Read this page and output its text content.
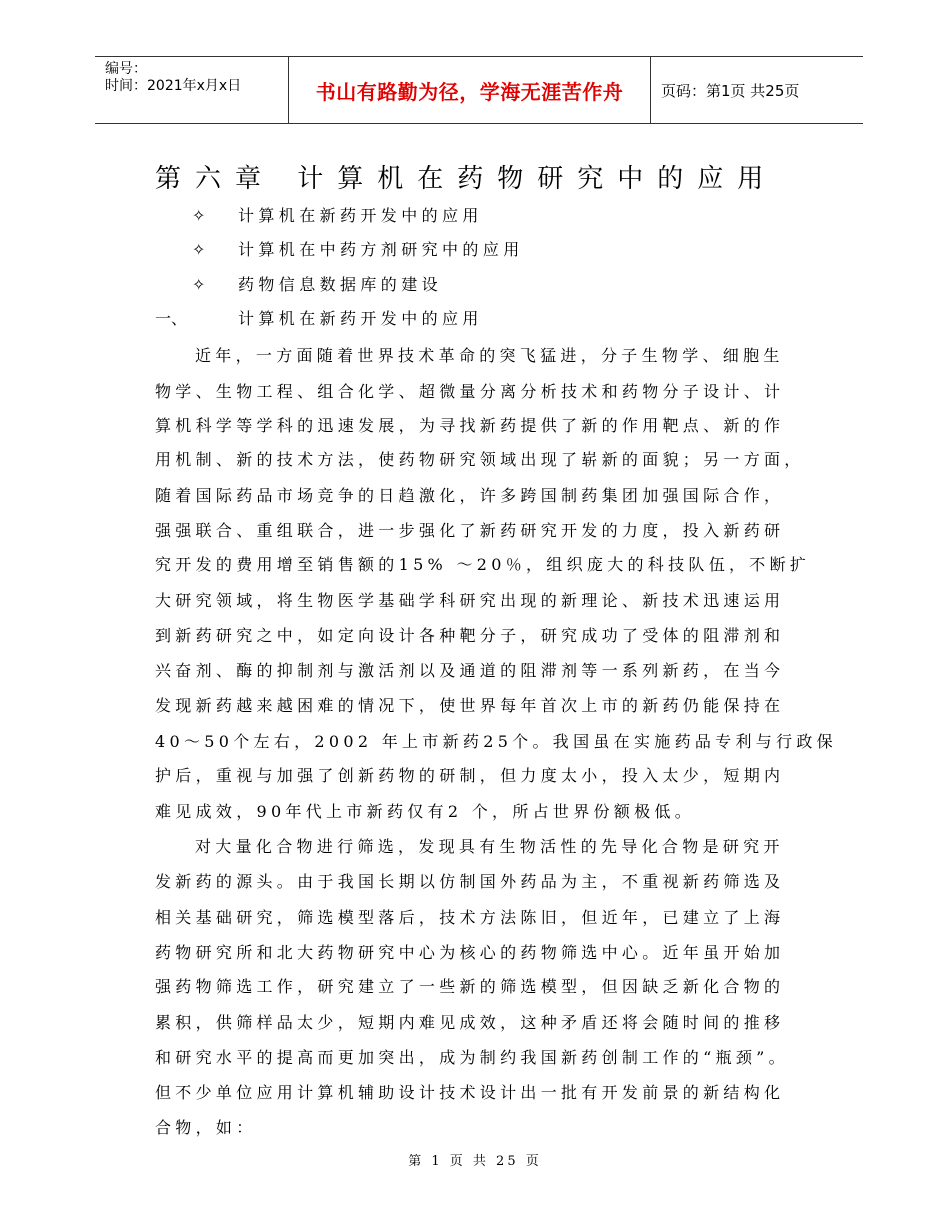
编号：
时间：2021年x月x日	书山有路勤为径，学海无涯苦作舟	页码：第1页 共25页
第六章 计算机在药物研究中的应用
✧ 计算机在新药开发中的应用
✧ 计算机在中药方剂研究中的应用
✧ 药物信息数据库的建设
一、	计算机在新药开发中的应用
近年，一方面随着世界技术革命的突飞猛进，分子生物学、细胞生
物学、生物工程、组合化学、超微量分离分析技术和药物分子设计、计
算机科学等学科的迅速发展，为寻找新药提供了新的作用靶点、新的作
用机制、新的技术方法，使药物研究领域出现了崭新的面貌；另一方面，
随着国际药品市场竞争的日趋激化，许多跨国制药集团加强国际合作，
强强联合、重组联合，进一步强化了新药研究开发的力度，投入新药研
究开发的费用增至销售额的15% ～20％，组织庞大的科技队伍，不断扩
大研究领域，将生物医学基础学科研究出现的新理论、新技术迅速运用
到新药研究之中，如定向设计各种靶分子，研究成功了受体的阻滞剂和
兴奋剂、酶的抑制剂与激活剂以及通道的阻滞剂等一系列新药，在当今
发现新药越来越困难的情况下，使世界每年首次上市的新药仍能保持在
40～50个左右，2002 年上市新药25个。我国虽在实施药品专利与行政保
护后，重视与加强了创新药物的研制，但力度太小，投入太少，短期内
难见成效，90年代上市新药仅有2 个，所占世界份额极低。
对大量化合物进行筛选，发现具有生物活性的先导化合物是研究开
发新药的源头。由于我国长期以仿制国外药品为主，不重视新药筛选及
相关基础研究，筛选模型落后，技术方法陈旧，但近年，已建立了上海
药物研究所和北大药物研究中心为核心的药物筛选中心。近年虽开始加
强药物筛选工作，研究建立了一些新的筛选模型，但因缺乏新化合物的
累积，供筛样品太少，短期内难见成效，这种矛盾还将会随时间的推移
和研究水平的提高而更加突出，成为制约我国新药创制工作的“瓶颈”。
但不少单位应用计算机辅助设计技术设计出一批有开发前景的新结构化
合物，如：
第 1 页 共 25 页
